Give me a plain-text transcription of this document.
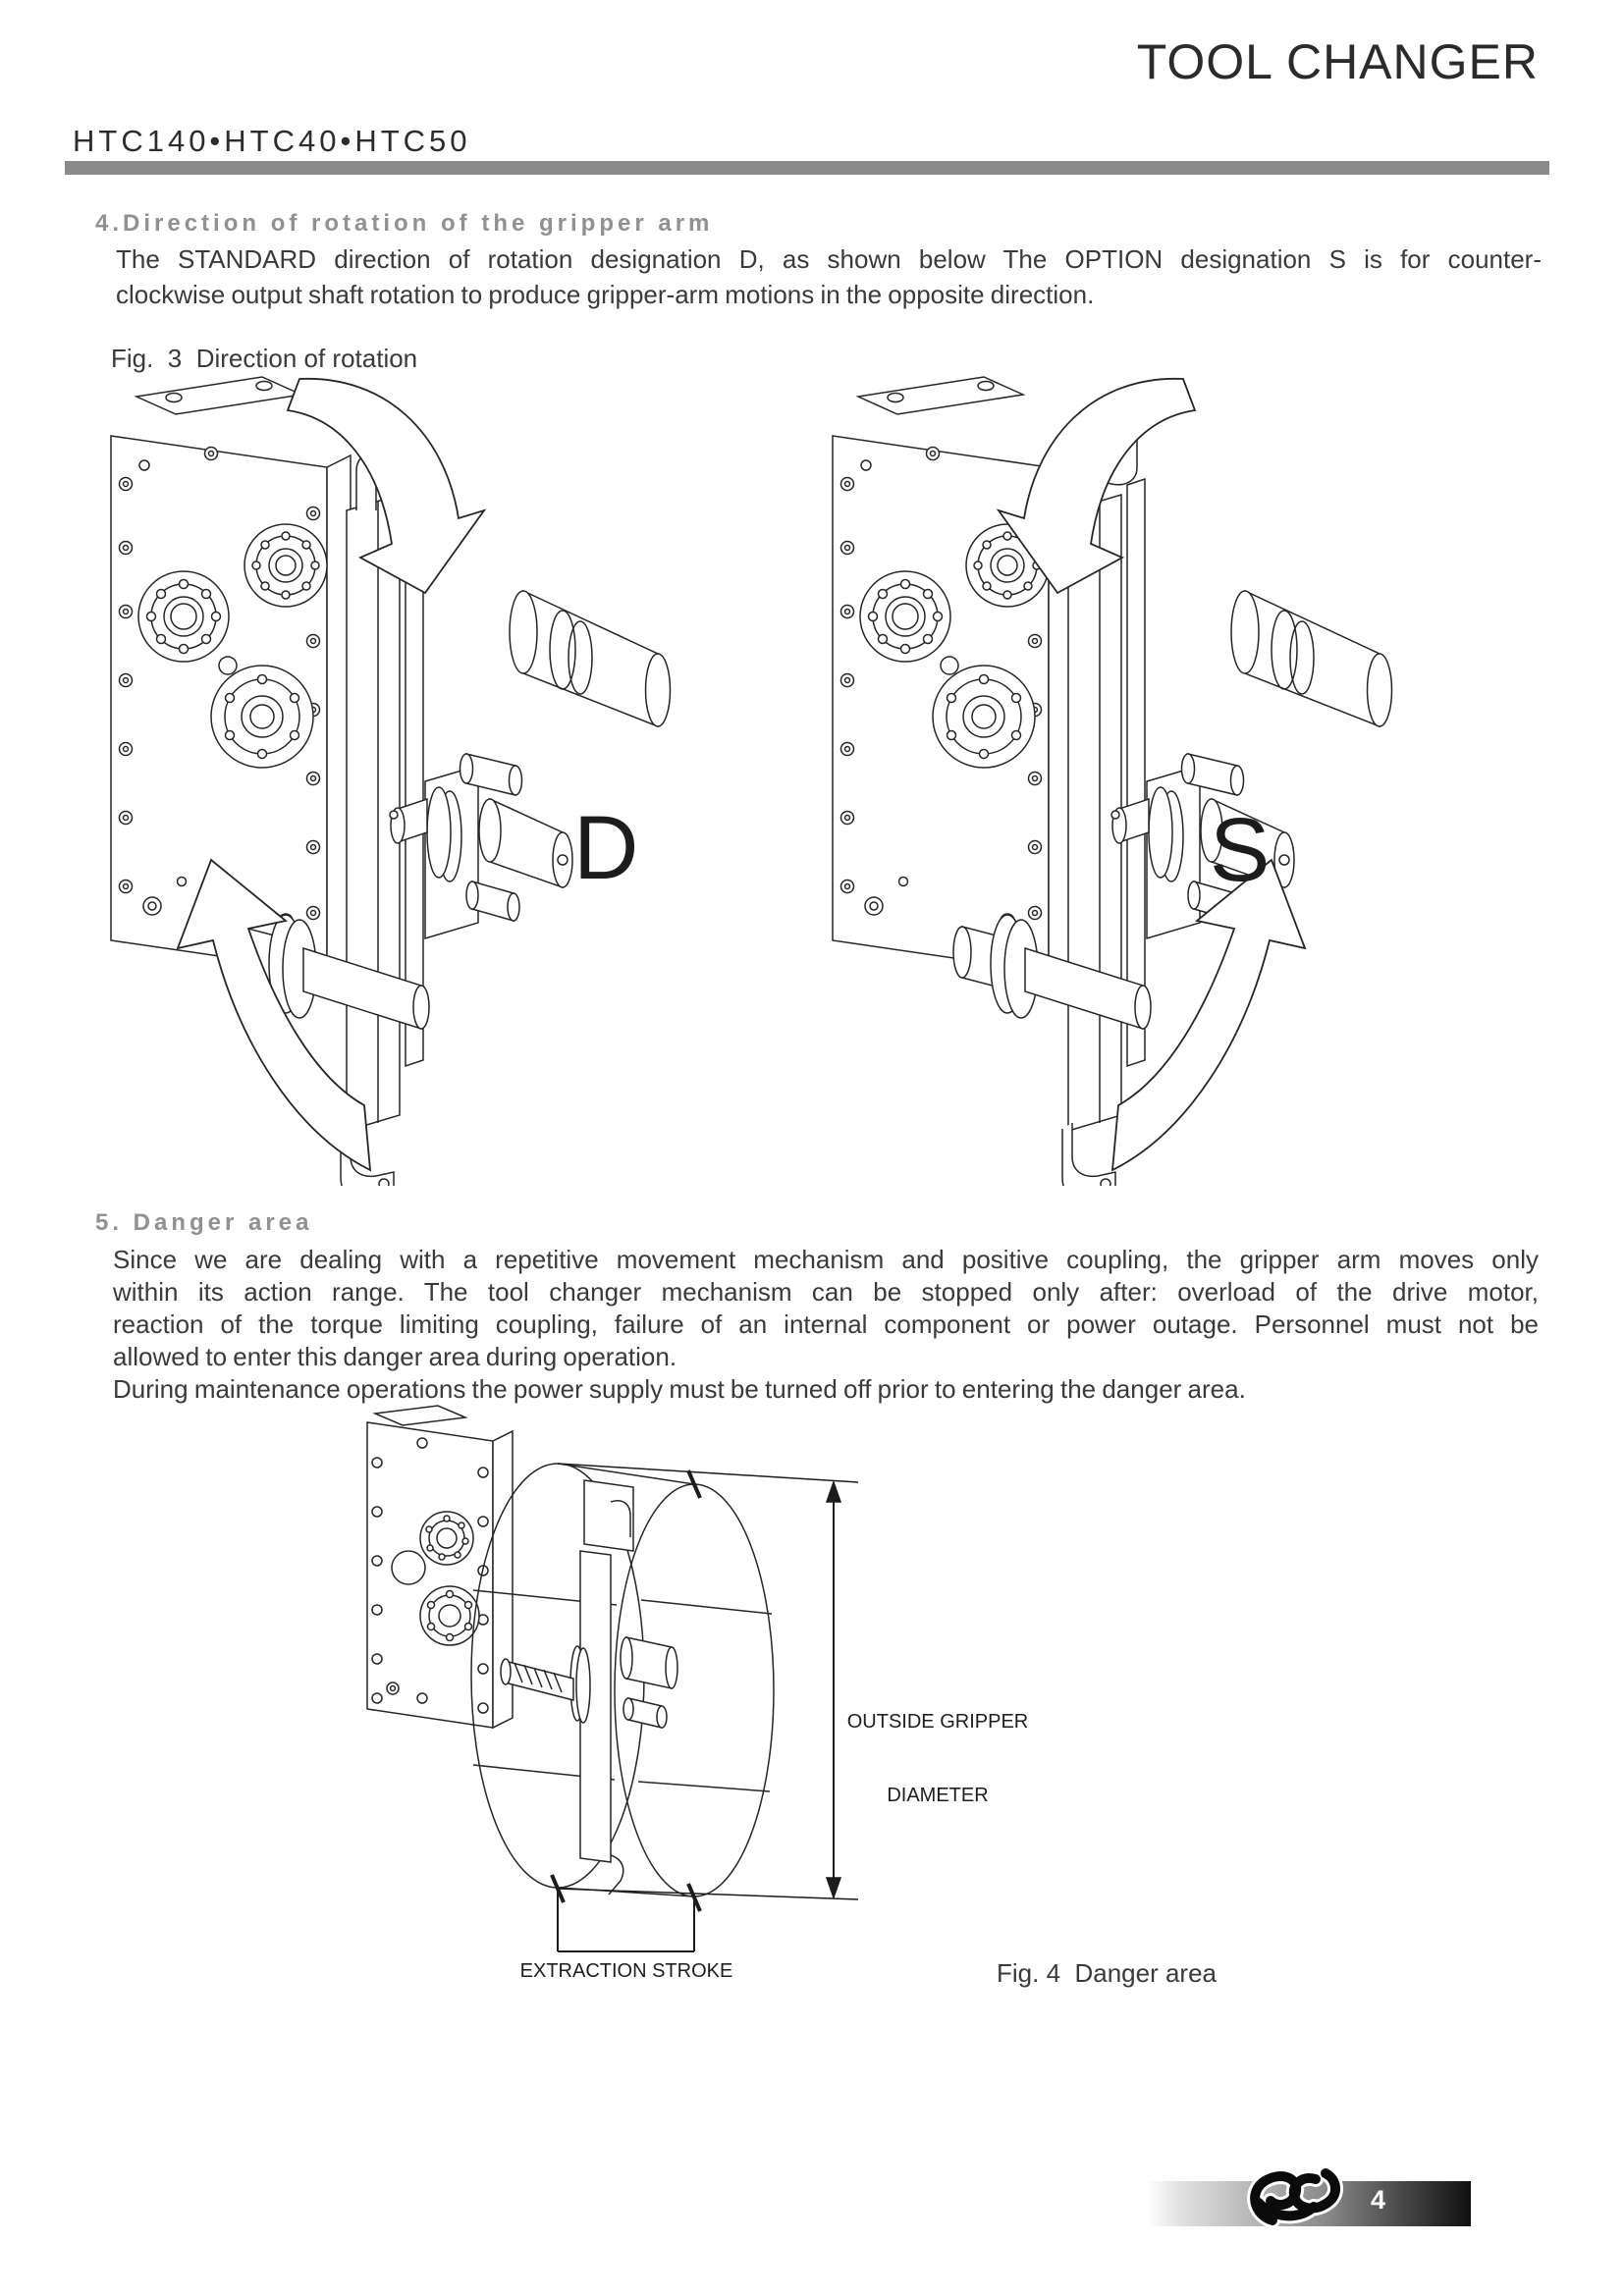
TOOL CHANGER
HTC140•HTC40•HTC50
4.Direction of rotation of the gripper arm
The STANDARD direction of rotation designation D, as shown below The OPTION designation S is for counter-
clockwise output shaft rotation to produce gripper-arm motions in the opposite direction.
Fig.  3  Direction of rotation
D	S
5. Danger area
Since we are dealing with a repetitive movement mechanism and positive coupling, the gripper arm moves only
within its action range. The tool changer mechanism can be stopped only after: overload of the drive motor,
reaction of the torque limiting coupling, failure of an internal component or power outage. Personnel must not be
allowed to enter this danger area during operation.
During maintenance operations the power supply must be turned off prior to entering the danger area.

OUTSIDE GRIPPER

DIAMETER

EXTRACTION STROKE	Fig. 4  Danger area
4
